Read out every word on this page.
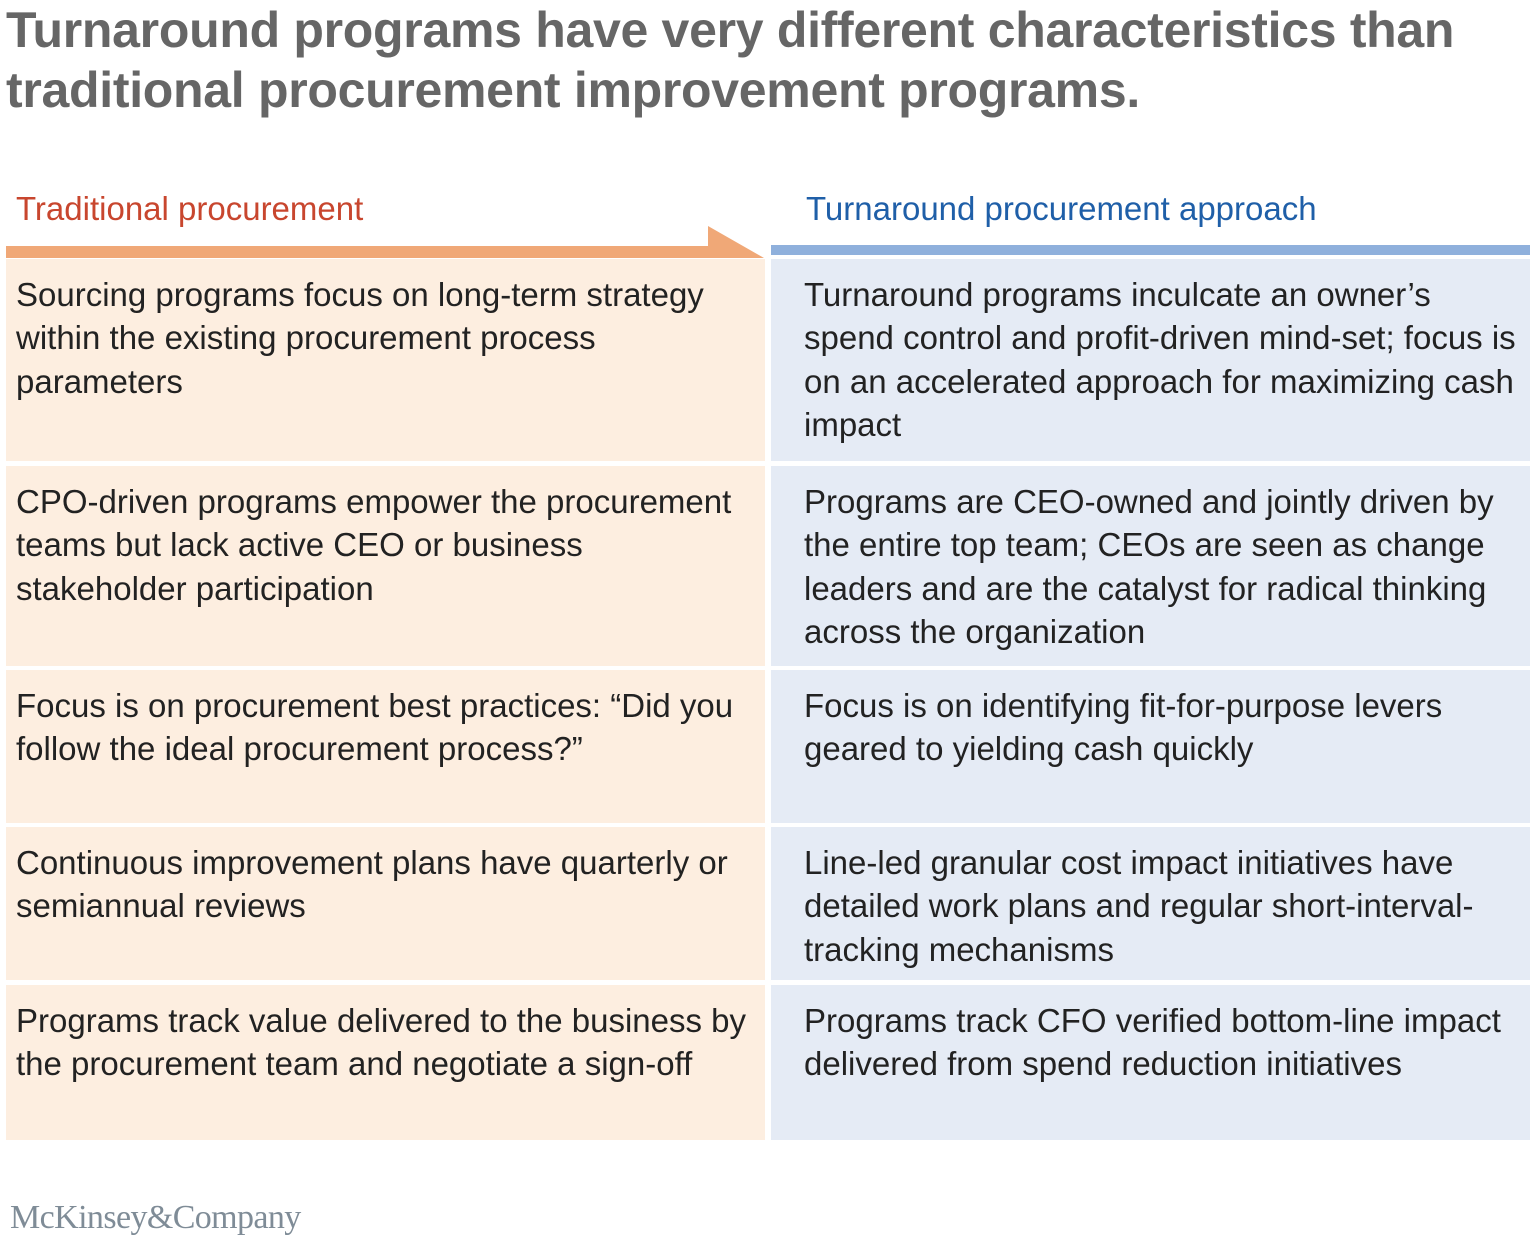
Turnaround programs have very different characteristics than traditional procurement improvement programs.
Traditional procurement	Turnaround procurement approach
Sourcing programs focus on long-term strategy within the existing procurement process parameters
Turnaround programs inculcate an owner’s spend control and profit-driven mind-set; focus is on an accelerated approach for maximizing cash impact
CPO-driven programs empower the procurement teams but lack active CEO or business stakeholder participation
Programs are CEO-owned and jointly driven by the entire top team; CEOs are seen as change leaders and are the catalyst for radical thinking across the organization
Focus is on procurement best practices: “Did you follow the ideal procurement process?”
Focus is on identifying fit-for-purpose levers geared to yielding cash quickly
Continuous improvement plans have quarterly or semiannual reviews
Line-led granular cost impact initiatives have detailed work plans and regular short-interval-tracking mechanisms
Programs track value delivered to the business by the procurement team and negotiate a sign-off
Programs track CFO verified bottom-line impact delivered from spend reduction initiatives
McKinsey&Company
